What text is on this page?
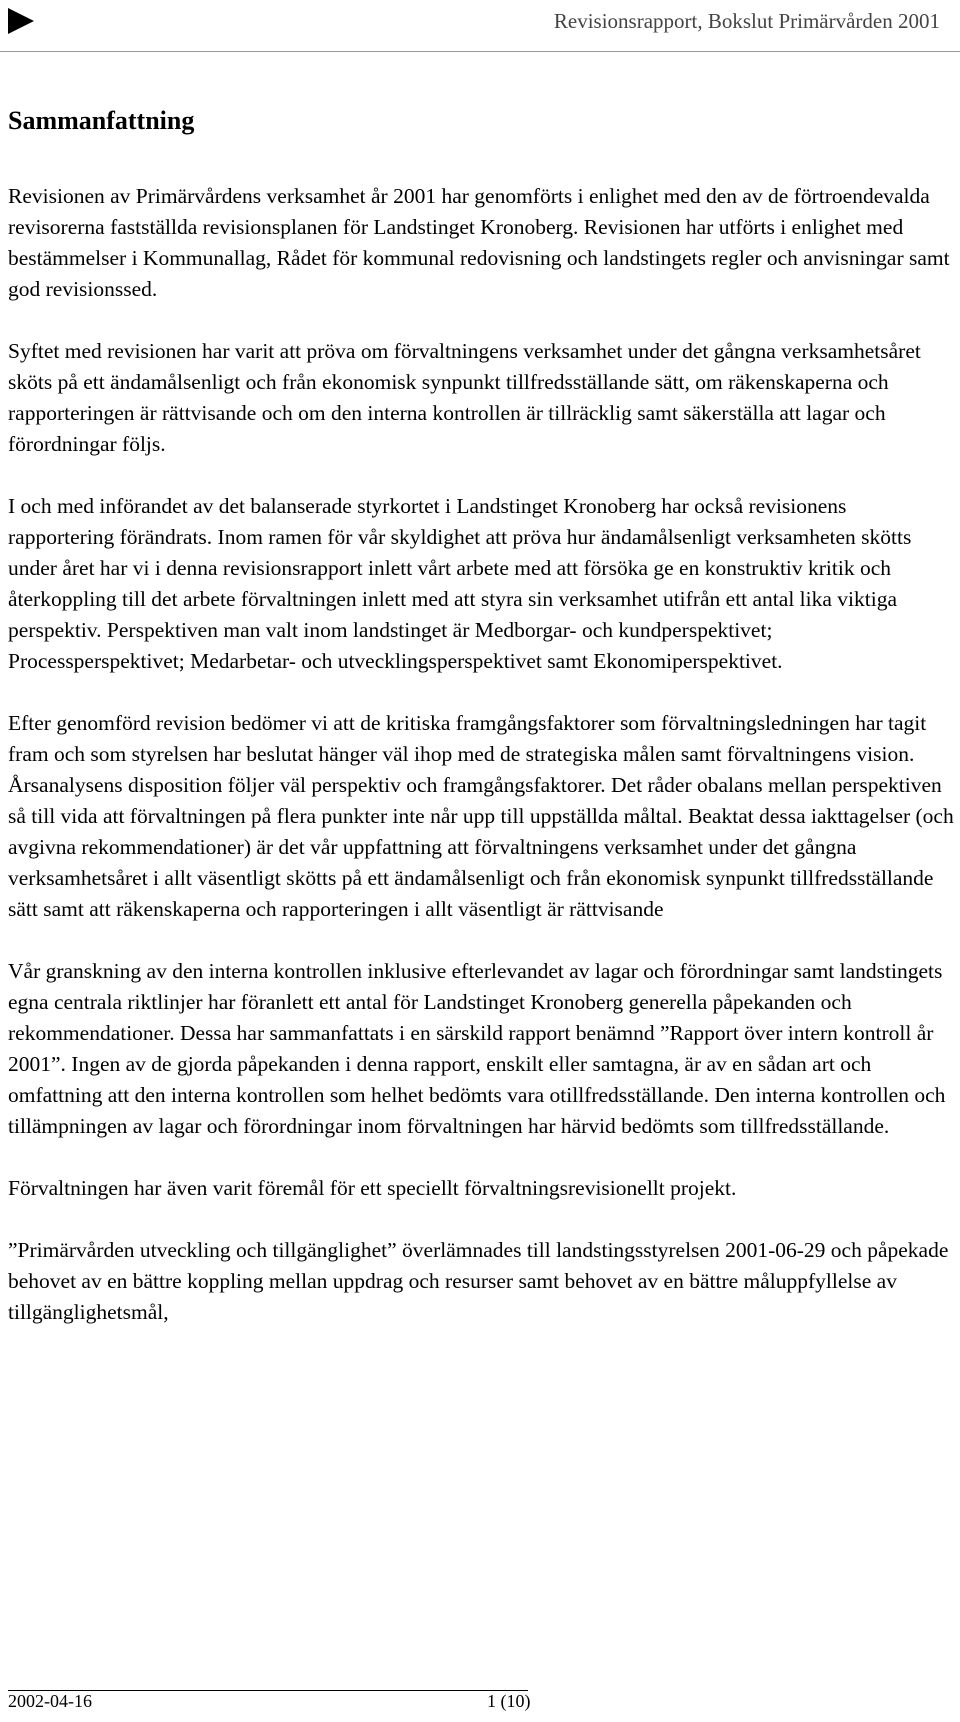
Revisionsrapport, Bokslut Primärvården 2001
Sammanfattning

Revisionen av Primärvårdens verksamhet år 2001 har genomförts i enlighet med den av de förtroendevalda revisorerna fastställda revisionsplanen för Landstinget Kronoberg. Revisionen har utförts i enlighet med bestämmelser i Kommunallag, Rådet för kommunal redovisning och landstingets regler och anvisningar samt god revisionssed.

Syftet med revisionen har varit att pröva om förvaltningens verksamhet under det gångna verksamhetsåret sköts på ett ändamålsenligt och från ekonomisk synpunkt tillfredsställande sätt, om räkenskaperna och rapporteringen är rättvisande och om den interna kontrollen är tillräcklig samt säkerställa att lagar och förordningar följs.

I och med införandet av det balanserade styrkortet i Landstinget Kronoberg har också revisionens rapportering förändrats. Inom ramen för vår skyldighet att pröva hur ändamålsenligt verksamheten skötts under året har vi i denna revisionsrapport inlett vårt arbete med att försöka ge en konstruktiv kritik och återkoppling till det arbete förvaltningen inlett med att styra sin verksamhet utifrån ett antal lika viktiga perspektiv. Perspektiven man valt inom landstinget är Medborgar- och kundperspektivet; Processperspektivet; Medarbetar- och utvecklingsperspektivet samt Ekonomiperspektivet.

Efter genomförd revision bedömer vi att de kritiska framgångsfaktorer som förvaltningsledningen har tagit fram och som styrelsen har beslutat hänger väl ihop med de strategiska målen samt förvaltningens vision. Årsanalysens disposition följer väl perspektiv och framgångsfaktorer. Det råder obalans mellan perspektiven så till vida att förvaltningen på flera punkter inte når upp till uppställda måltal. Beaktat dessa iakttagelser (och avgivna rekommendationer) är det vår uppfattning att förvaltningens verksamhet under det gångna verksamhetsåret i allt väsentligt skötts på ett ändamålsenligt och från ekonomisk synpunkt tillfredsställande sätt samt att räkenskaperna och rapporteringen i allt väsentligt är rättvisande

Vår granskning av den interna kontrollen inklusive efterlevandet av lagar och förordningar samt landstingets egna centrala riktlinjer har föranlett ett antal för Landstinget Kronoberg generella påpekanden och rekommendationer. Dessa har sammanfattats i en särskild rapport benämnd ”Rapport över intern kontroll år 2001”. Ingen av de gjorda påpekanden i denna rapport, enskilt eller samtagna, är av en sådan art och omfattning att den interna kontrollen som helhet bedömts vara otillfredsställande. Den interna kontrollen och tillämpningen av lagar och förordningar inom förvaltningen har härvid bedömts som tillfredsställande.

Förvaltningen har även varit föremål för ett speciellt förvaltningsrevisionellt projekt.

”Primärvården utveckling och tillgänglighet” överlämnades till landstingsstyrelsen 2001-06-29 och påpekade behovet av en bättre koppling mellan uppdrag och resurser samt behovet av en bättre måluppfyllelse av tillgänglighetsmål,

2002-04-16	1 (10)
